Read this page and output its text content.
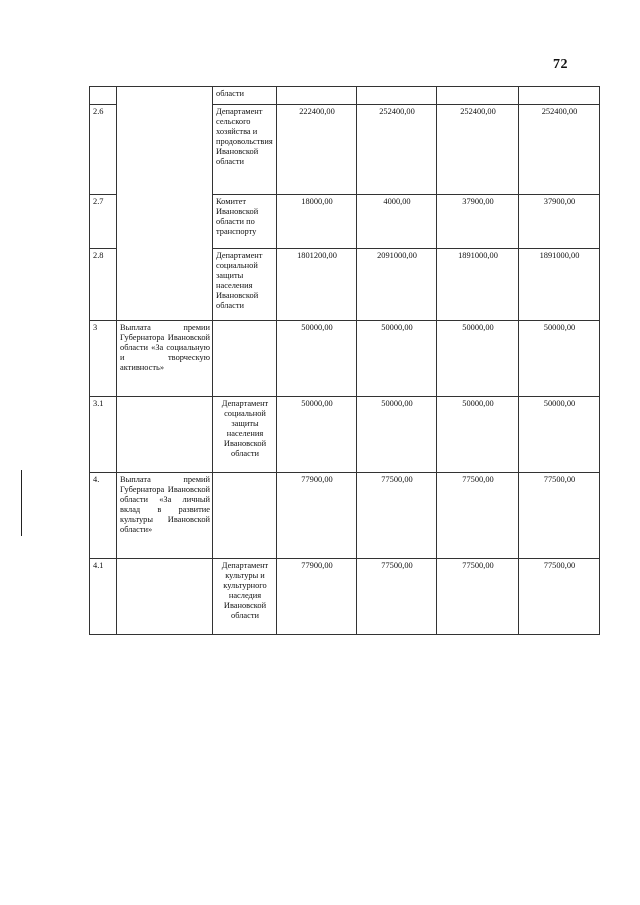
72
		области				
2.6		Департамент сельского хозяйства и продовольствия Ивановской области	222400,00	252400,00	252400,00	252400,00
2.7		Комитет Ивановской области по транспорту	18000,00	4000,00	37900,00	37900,00
2.8		Департамент социальной защиты населения Ивановской области	1801200,00	2091000,00	1891000,00	1891000,00
3	Выплата премии Губернатора Ивановской области «За социальную и творческую активность»		50000,00	50000,00	50000,00	50000,00
3.1		Департамент социальной защиты населения Ивановской области	50000,00	50000,00	50000,00	50000,00
4.	Выплата премий Губернатора Ивановской области «За личный вклад в развитие культуры Ивановской области»		77900,00	77500,00	77500,00	77500,00
4.1		Департамент культуры и культурного наследия Ивановской области	77900,00	77500,00	77500,00	77500,00
